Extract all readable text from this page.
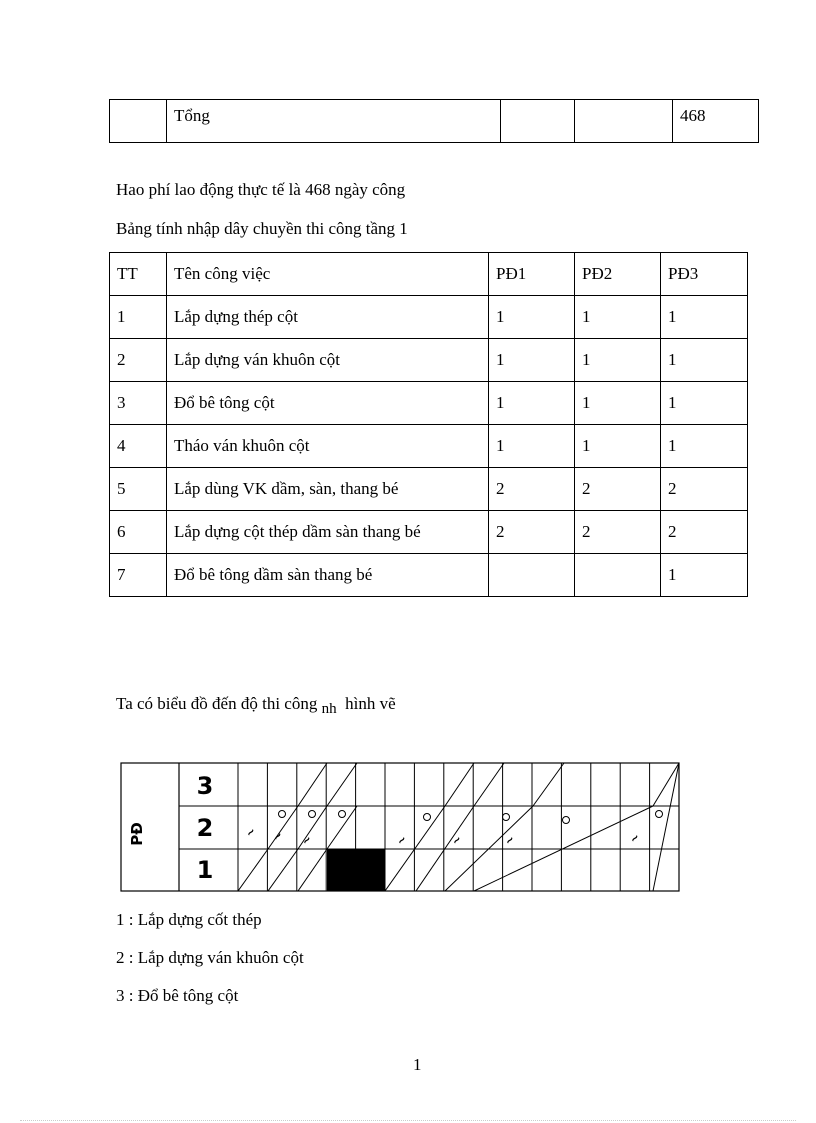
	Tổng			468
Hao phí lao động thực tế là 468 ngày công
Bảng tính nhập dây chuyền thi công tầng 1
TT	Tên công việc	PĐ1	PĐ2	PĐ3
1	Lắp dựng thép cột	1	1	1
2	Lắp dựng ván khuôn cột	1	1	1
3	Đổ bê tông cột	1	1	1
4	Tháo ván khuôn cột	1	1	1
5	Lắp dùng VK dầm, sàn, thang bé	2	2	2
6	Lắp dựng cột thép dầm sàn thang bé	2	2	2
7	Đổ bê tông dầm sàn thang bé			1
Ta có biểu đồ đến độ thi công nh hình vẽ
PĐ
3
2
1
~ ~ ~	~	~	~	~
1 : Lắp dựng cốt thép
2 : Lắp dựng ván khuôn cột
3 : Đổ bê tông cột
1
